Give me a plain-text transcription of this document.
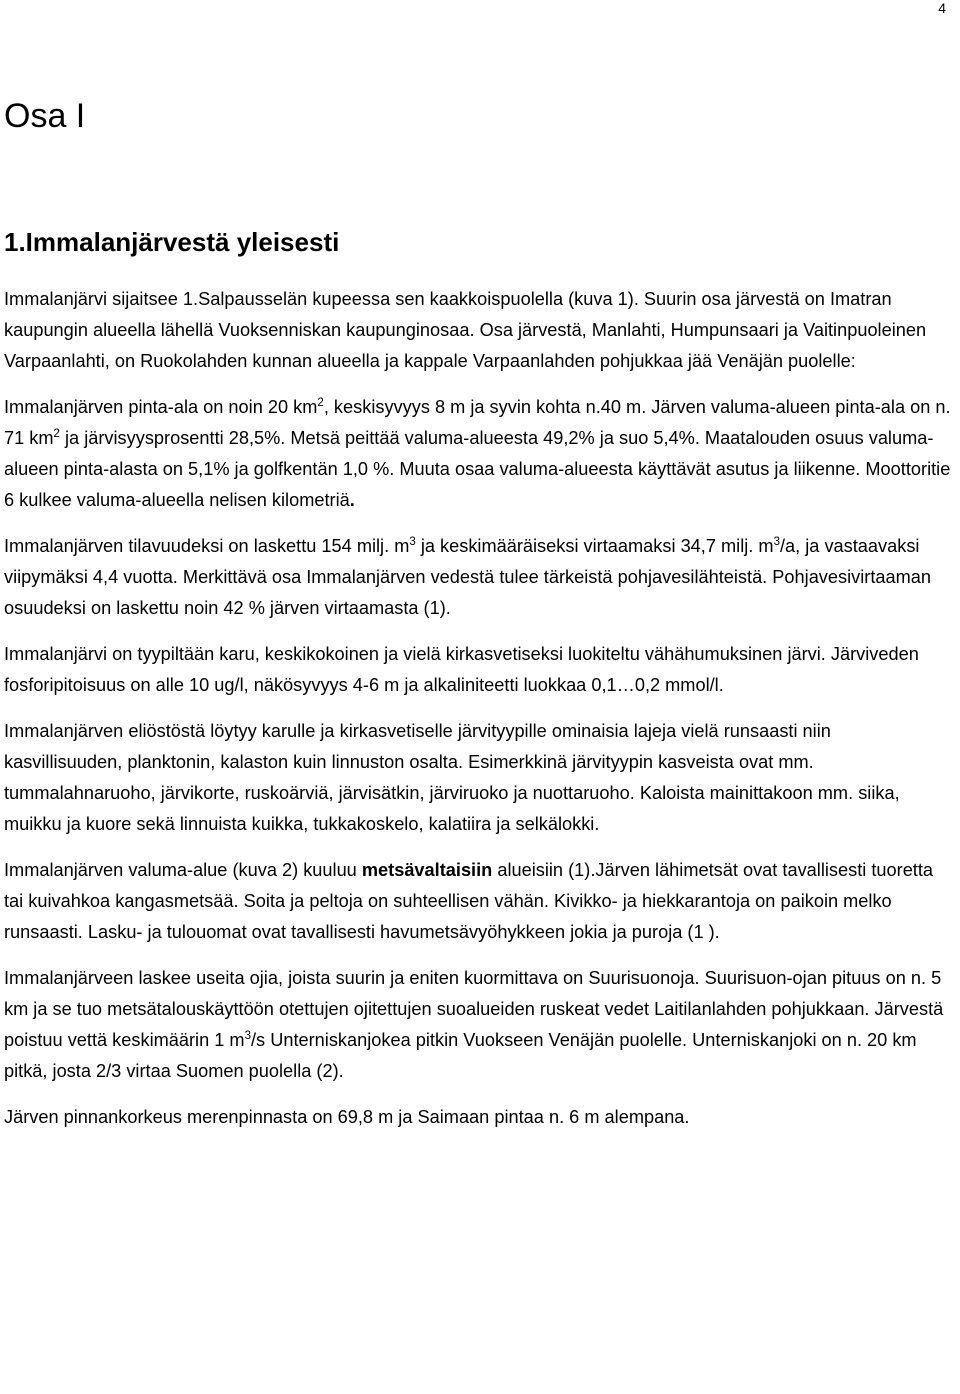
4
Osa I
1.Immalanjärvestä yleisesti

Immalanjärvi sijaitsee 1.Salpausselän kupeessa sen kaakkoispuolella (kuva 1). Suurin osa järvestä on Imatran kaupungin alueella lähellä Vuoksenniskan kaupunginosaa. Osa järvestä, Manlahti, Humpunsaari ja Vaitinpuoleinen Varpaanlahti, on Ruokolahden kunnan alueella ja kappale Varpaanlahden pohjukkaa jää Venäjän puolelle:

Immalanjärven pinta-ala on noin 20 $km^2$, keskisyvyys 8 m ja syvin kohta n.40 m. Järven valuma-alueen pinta-ala on n. 71 $km^2$ ja järvisyysprosentti 28,5%. Metsä peittää valuma-alueesta 49,2% ja suo 5,4%. Maatalouden osuus valuma-alueen pinta-alasta on 5,1% ja golfkentän 1,0 %. Muuta osaa valuma-alueesta käyttävät asutus ja liikenne. Moottoritie 6 kulkee valuma-alueella nelisen kilometriä.

Immalanjärven tilavuudeksi on laskettu 154 milj. $m^3$ ja keskimääräiseksi virtaamaksi 34,7 milj. $m^3/a$, ja vastaavaksi viipymäksi 4,4 vuotta. Merkittävä osa Immalanjärven vedestä tulee tärkeistä pohjavesilähteistä. Pohjavesivirtaaman osuudeksi on laskettu noin 42 % järven virtaamasta (1).

Immalanjärvi on tyypiltään karu, keskikokoinen ja vielä kirkasvetiseksi luokiteltu vähähumuksinen järvi. Järviveden fosforipitoisuus on alle 10 ug/l, näkösyvyys 4-6 m ja alkaliniteetti luokkaa 0,1…0,2 mmol/l.

Immalanjärven eliöstöstä löytyy karulle ja kirkasvetiselle järvityypille ominaisia lajeja vielä runsaasti niin kasvillisuuden, planktonin, kalaston kuin linnuston osalta. Esimerkkinä järvityypin kasveista ovat mm. tummalahnaruoho, järvikorte, ruskoärviä, järvisätkin, järviruoko ja nuottaruoho. Kaloista mainittakoon mm. siika, muikku ja kuore sekä linnuista kuikka, tukkakoskelo, kalatiira ja selkälokki.

Immalanjärven valuma-alue (kuva 2) kuuluu metsävaltaisiin alueisiin (1).Järven lähimetsät ovat tavallisesti tuoretta tai kuivahkoa kangasmetsää. Soita ja peltoja on suhteellisen vähän. Kivikko- ja hiekkarantoja on paikoin melko runsaasti. Lasku- ja tulouomat ovat tavallisesti havumetsävyöhykkeen jokia ja puroja (1 ).

Immalanjärveen laskee useita ojia, joista suurin ja eniten kuormittava on Suurisuonoja. Suurisuon-ojan pituus on n. 5 km ja se tuo metsätalouskäyttöön otettujen ojitettujen suoalueiden ruskeat vedet Laitilanlahden pohjukkaan. Järvestä poistuu vettä keskimäärin 1 $m^3/s$ Unterniskanjokea pitkin Vuokseen Venäjän puolelle. Unterniskanjoki on n. 20 km pitkä, josta 2/3 virtaa Suomen puolella (2).

Järven pinnankorkeus merenpinnasta on 69,8 m ja Saimaan pintaa n. 6 m alempana.
